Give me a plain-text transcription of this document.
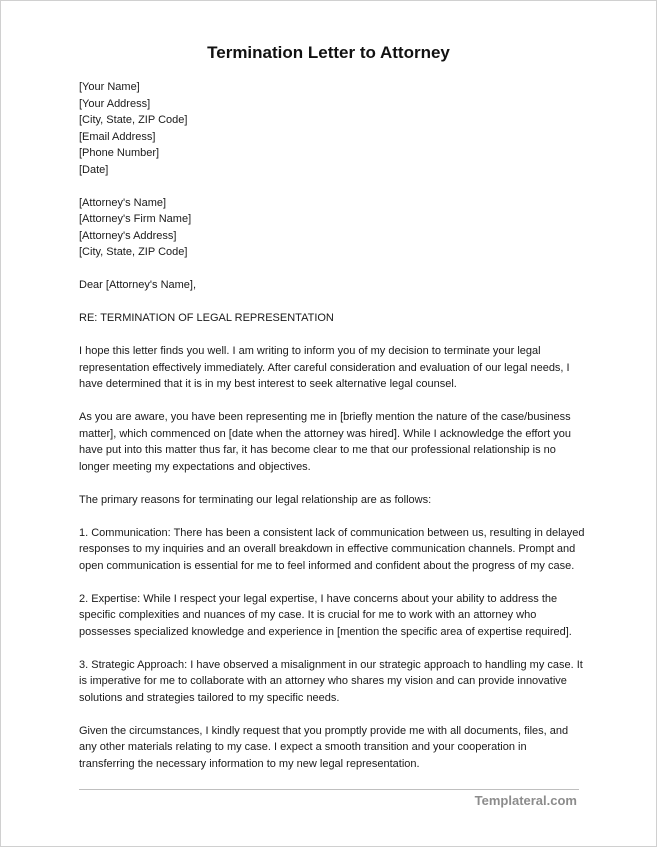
Termination Letter to Attorney
[Your Name]
[Your Address]
[City, State, ZIP Code]
[Email Address]
[Phone Number]
[Date]
[Attorney's Name]
[Attorney's Firm Name]
[Attorney's Address]
[City, State, ZIP Code]
Dear [Attorney's Name],
RE: TERMINATION OF LEGAL REPRESENTATION
I hope this letter finds you well. I am writing to inform you of my decision to terminate your legal
representation effectively immediately. After careful consideration and evaluation of our legal needs, I
have determined that it is in my best interest to seek alternative legal counsel.
As you are aware, you have been representing me in [briefly mention the nature of the case/business
matter], which commenced on [date when the attorney was hired]. While I acknowledge the effort you
have put into this matter thus far, it has become clear to me that our professional relationship is no
longer meeting my expectations and objectives.
The primary reasons for terminating our legal relationship are as follows:
1. Communication: There has been a consistent lack of communication between us, resulting in delayed
responses to my inquiries and an overall breakdown in effective communication channels. Prompt and
open communication is essential for me to feel informed and confident about the progress of my case.
2. Expertise: While I respect your legal expertise, I have concerns about your ability to address the
specific complexities and nuances of my case. It is crucial for me to work with an attorney who
possesses specialized knowledge and experience in [mention the specific area of expertise required].
3. Strategic Approach: I have observed a misalignment in our strategic approach to handling my case. It
is imperative for me to collaborate with an attorney who shares my vision and can provide innovative
solutions and strategies tailored to my specific needs.
Given the circumstances, I kindly request that you promptly provide me with all documents, files, and
any other materials relating to my case. I expect a smooth transition and your cooperation in
transferring the necessary information to my new legal representation.
Templateral.com
